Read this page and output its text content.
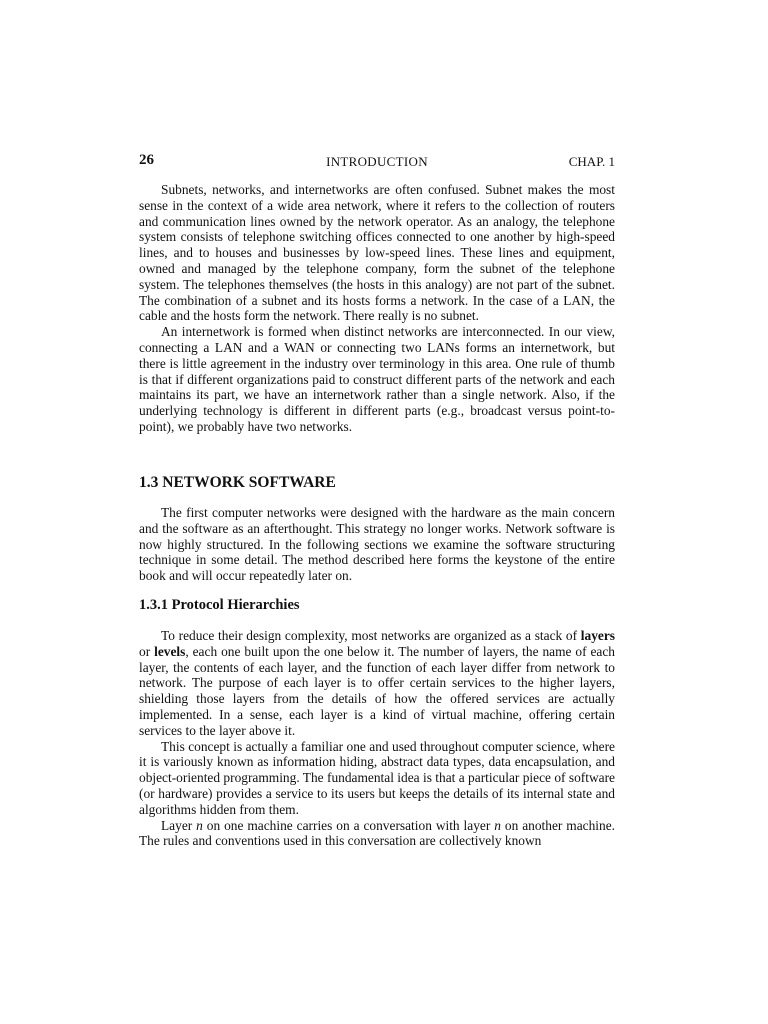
26	INTRODUCTION	CHAP. 1

Subnets, networks, and internetworks are often confused. Subnet makes the most sense in the context of a wide area network, where it refers to the collection of routers and communication lines owned by the network operator. As an analogy, the telephone system consists of telephone switching offices connected to one another by high-speed lines, and to houses and businesses by low-speed lines. These lines and equipment, owned and managed by the telephone company, form the subnet of the telephone system. The telephones themselves (the hosts in this analogy) are not part of the subnet. The combination of a subnet and its hosts forms a network. In the case of a LAN, the cable and the hosts form the network. There really is no subnet.

An internetwork is formed when distinct networks are interconnected. In our view, connecting a LAN and a WAN or connecting two LANs forms an internetwork, but there is little agreement in the industry over terminology in this area. One rule of thumb is that if different organizations paid to construct different parts of the network and each maintains its part, we have an internetwork rather than a single network. Also, if the underlying technology is different in different parts (e.g., broadcast versus point-to-point), we probably have two networks.

1.3 NETWORK SOFTWARE

The first computer networks were designed with the hardware as the main concern and the software as an afterthought. This strategy no longer works. Network software is now highly structured. In the following sections we examine the software structuring technique in some detail. The method described here forms the keystone of the entire book and will occur repeatedly later on.

1.3.1 Protocol Hierarchies

To reduce their design complexity, most networks are organized as a stack of layers or levels, each one built upon the one below it. The number of layers, the name of each layer, the contents of each layer, and the function of each layer differ from network to network. The purpose of each layer is to offer certain services to the higher layers, shielding those layers from the details of how the offered services are actually implemented. In a sense, each layer is a kind of virtual machine, offering certain services to the layer above it.

This concept is actually a familiar one and used throughout computer science, where it is variously known as information hiding, abstract data types, data encapsulation, and object-oriented programming. The fundamental idea is that a particular piece of software (or hardware) provides a service to its users but keeps the details of its internal state and algorithms hidden from them.

Layer n on one machine carries on a conversation with layer n on another machine. The rules and conventions used in this conversation are collectively known
